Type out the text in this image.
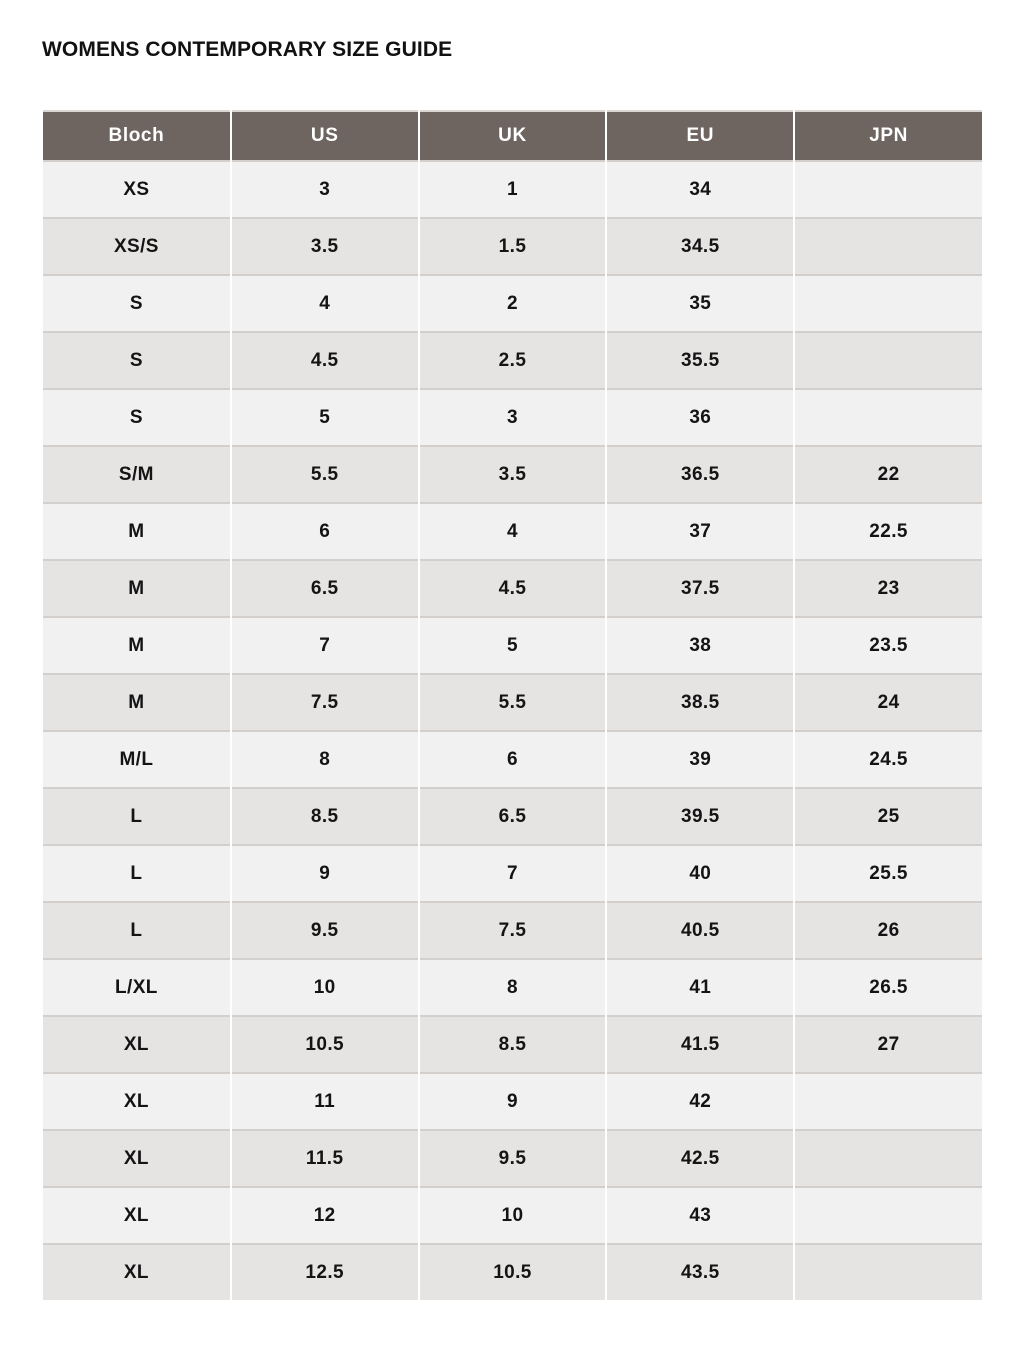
WOMENS CONTEMPORARY SIZE GUIDE
Bloch	US	UK	EU	JPN
XS	3	1	34	
XS/S	3.5	1.5	34.5	
S	4	2	35	
S	4.5	2.5	35.5	
S	5	3	36	
S/M	5.5	3.5	36.5	22
M	6	4	37	22.5
M	6.5	4.5	37.5	23
M	7	5	38	23.5
M	7.5	5.5	38.5	24
M/L	8	6	39	24.5
L	8.5	6.5	39.5	25
L	9	7	40	25.5
L	9.5	7.5	40.5	26
L/XL	10	8	41	26.5
XL	10.5	8.5	41.5	27
XL	11	9	42	
XL	11.5	9.5	42.5	
XL	12	10	43	
XL	12.5	10.5	43.5	
